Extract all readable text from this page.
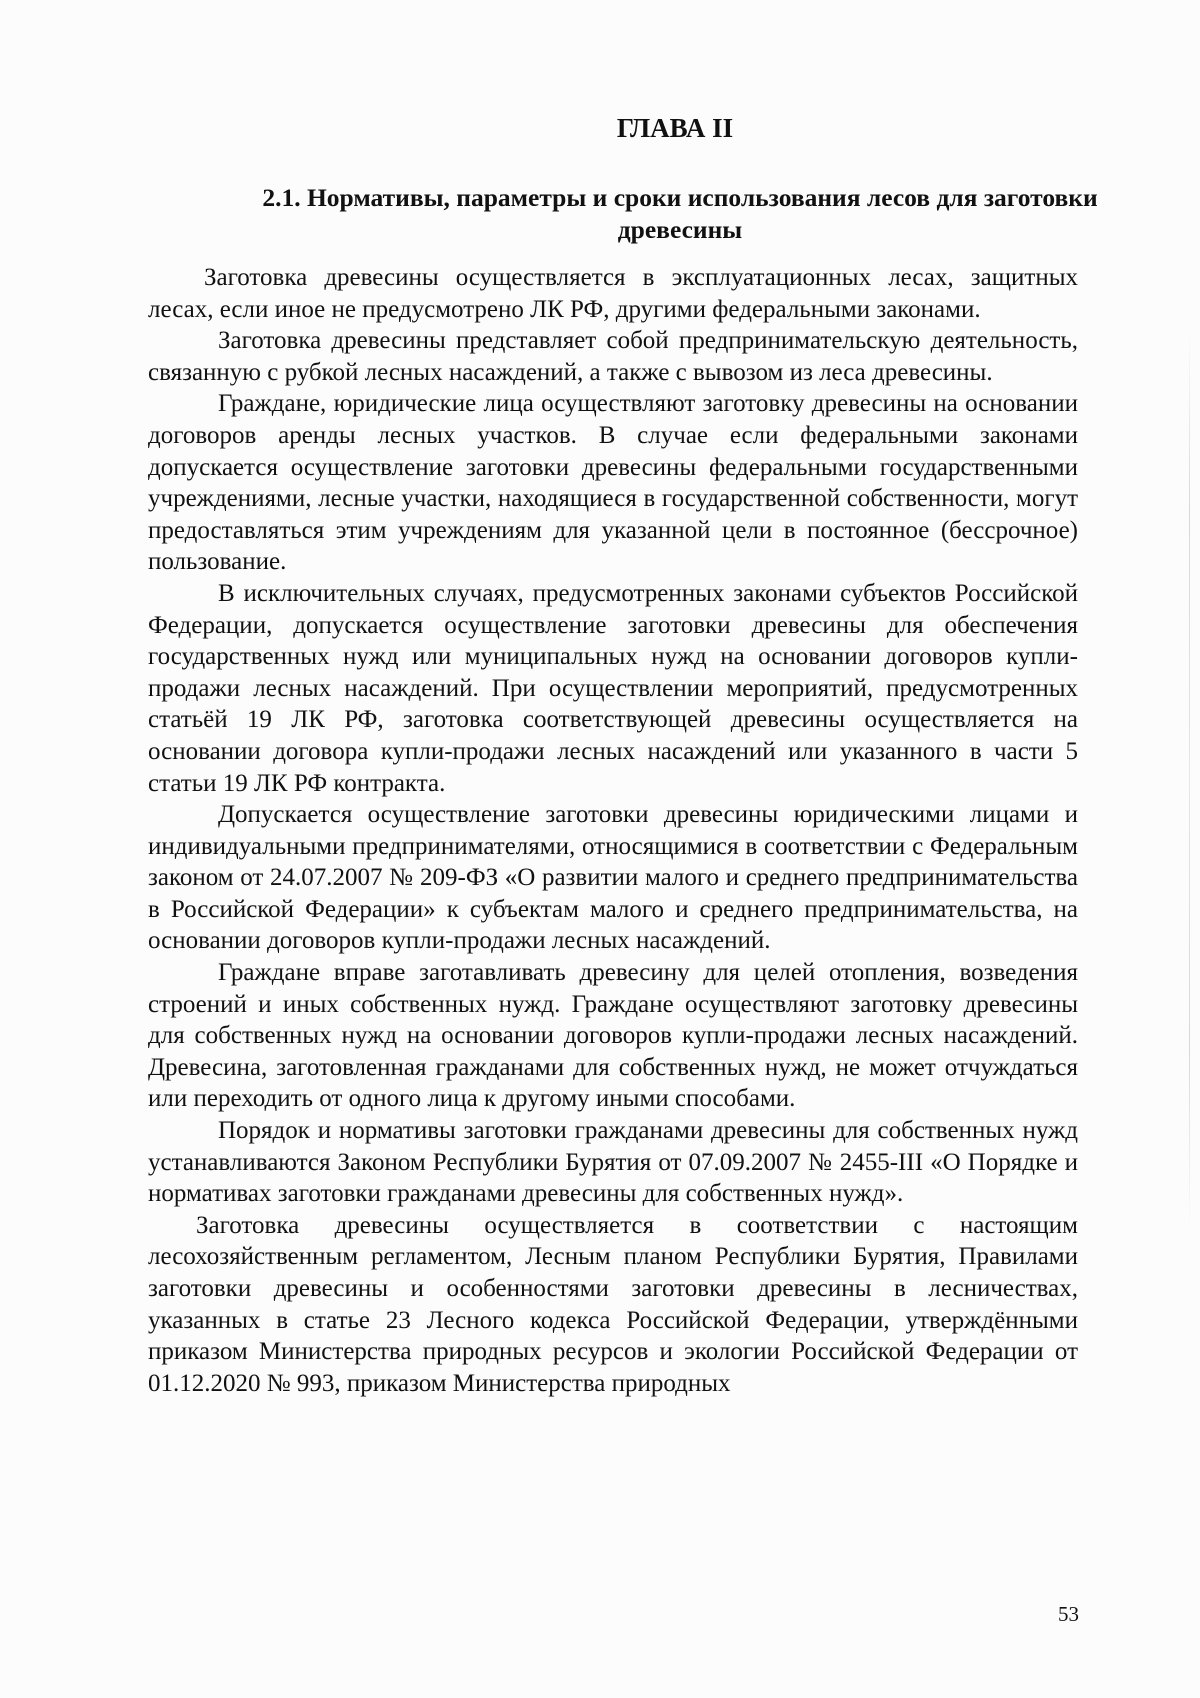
ГЛАВА II
2.1. Нормативы, параметры и сроки использования лесов для заготовки древесины

Заготовка древесины осуществляется в эксплуатационных лесах, защитных лесах, если иное не предусмотрено ЛК РФ, другими федеральными законами.

Заготовка древесины представляет собой предпринимательскую деятельность, связанную с рубкой лесных насаждений, а также с вывозом из леса древесины.

Граждане, юридические лица осуществляют заготовку древесины на основании договоров аренды лесных участков. В случае если федеральными законами допускается осуществление заготовки древесины федеральными государственными учреждениями, лесные участки, находящиеся в государственной собственности, могут предоставляться этим учреждениям для указанной цели в постоянное (бессрочное) пользование.

В исключительных случаях, предусмотренных законами субъектов Российской Федерации, допускается осуществление заготовки древесины для обеспечения государственных нужд или муниципальных нужд на основании договоров купли-продажи лесных насаждений. При осуществлении мероприятий, предусмотренных статьёй 19 ЛК РФ, заготовка соответствующей древесины осуществляется на основании договора купли-продажи лесных насаждений или указанного в части 5 статьи 19 ЛК РФ контракта.

Допускается осуществление заготовки древесины юридическими лицами и индивидуальными предпринимателями, относящимися в соответствии с Федеральным законом от 24.07.2007 № 209-ФЗ «О развитии малого и среднего предпринимательства в Российской Федерации» к субъектам малого и среднего предпринимательства, на основании договоров купли-продажи лесных насаждений.

Граждане вправе заготавливать древесину для целей отопления, возведения строений и иных собственных нужд. Граждане осуществляют заготовку древесины для собственных нужд на основании договоров купли-продажи лесных насаждений. Древесина, заготовленная гражданами для собственных нужд, не может отчуждаться или переходить от одного лица к другому иными способами.

Порядок и нормативы заготовки гражданами древесины для собственных нужд устанавливаются Законом Республики Бурятия от 07.09.2007 № 2455-III «О Порядке и нормативах заготовки гражданами древесины для собственных нужд».

Заготовка древесины осуществляется в соответствии с настоящим лесохозяйственным регламентом, Лесным планом Республики Бурятия, Правилами заготовки древесины и особенностями заготовки древесины в лесничествах, указанных в статье 23 Лесного кодекса Российской Федерации, утверждёнными приказом Министерства природных ресурсов и экологии Российской Федерации от 01.12.2020 № 993, приказом Министерства природных

53
